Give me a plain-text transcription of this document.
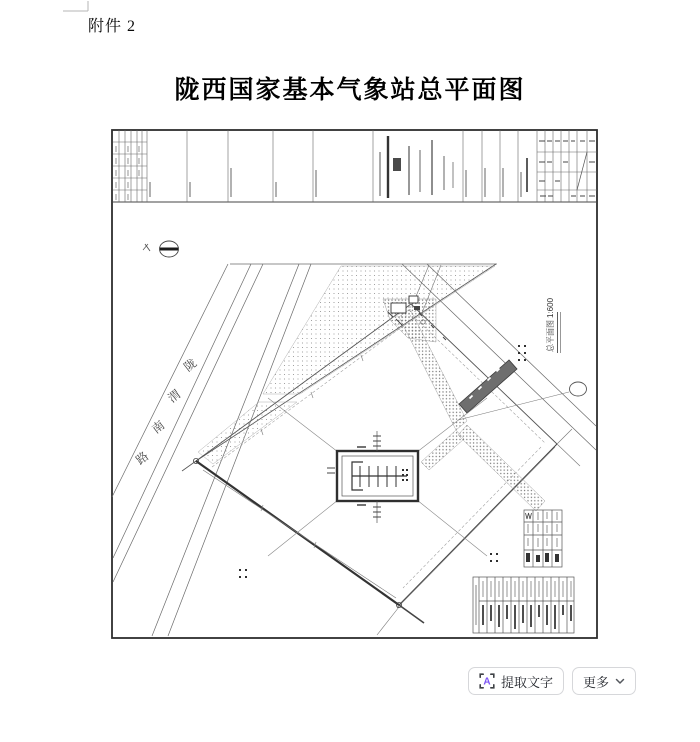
总平面图
1:600
陇
渭
南
路
附件 2
陇西国家基本气象站总平面图
A 提取文字 更多
